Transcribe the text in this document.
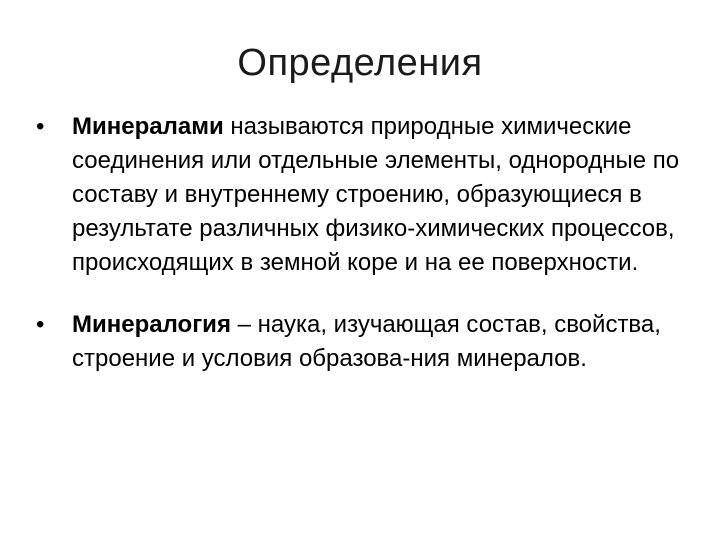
Определения
• Минералами называются природные химические соединения или отдельные элементы, однородные по составу и внутреннему строению, образующиеся в результате различных физико-химических процессов, происходящих в земной коре и на ее поверхности.
• Минералогия – наука, изучающая состав, свойства, строение и условия образова-ния минералов.
